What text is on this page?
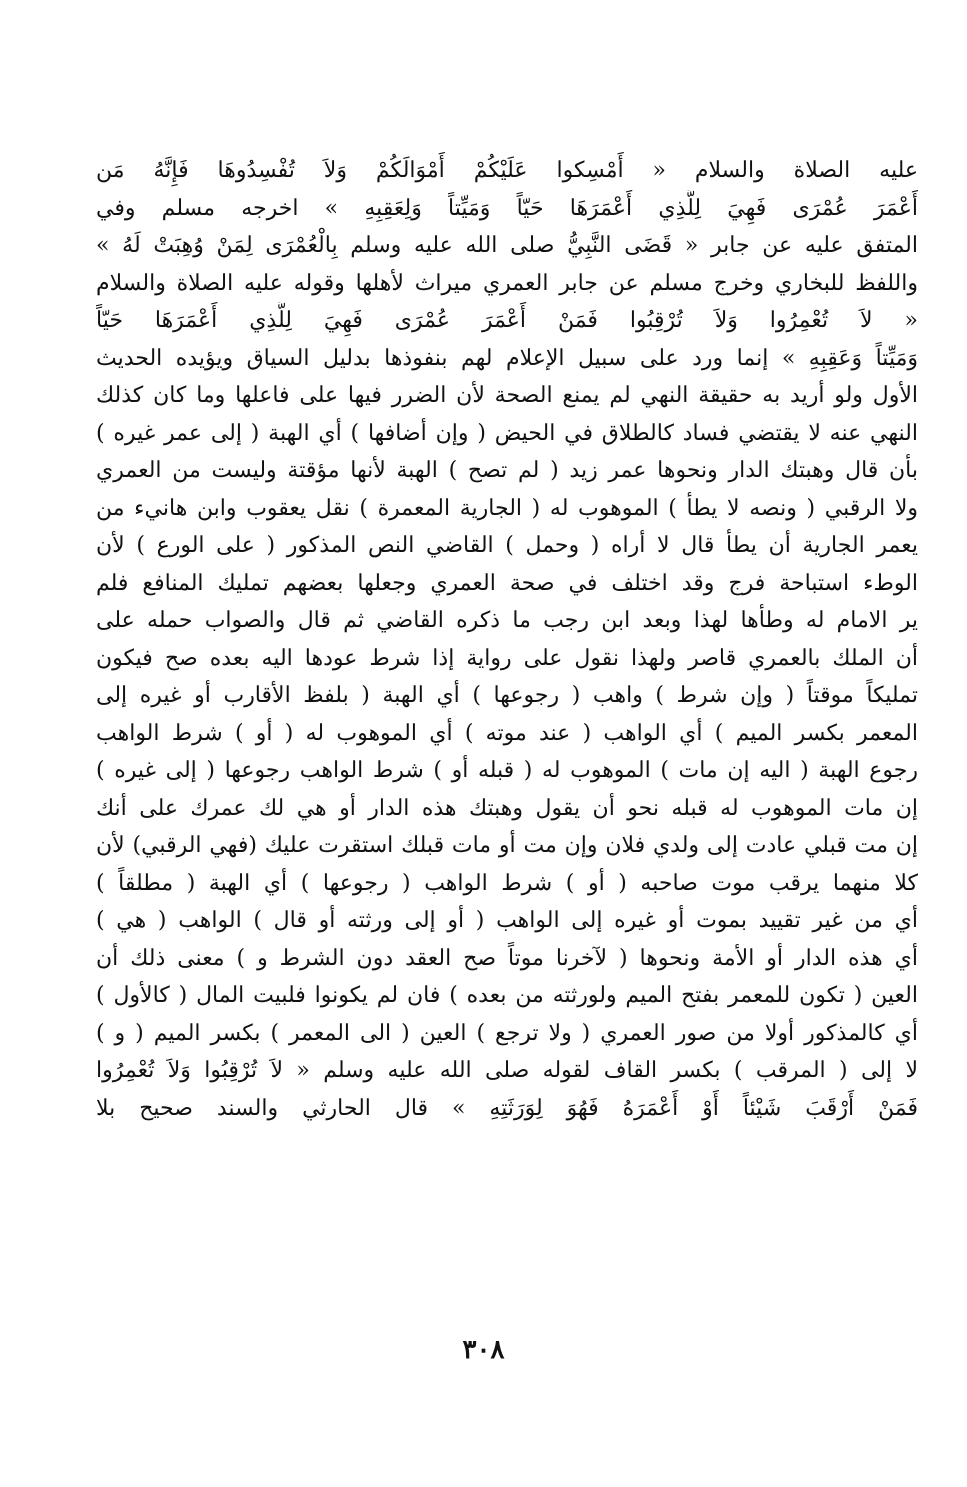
عليه الصلاة والسلام « أَمْسِكوا عَلَيْكُمْ أَمْوَالَكُمْ وَلاَ تُفْسِدُوهَا فَإِنَّهُ مَن
أَعْمَرَ عُمْرَى فَهِيَ لِلَّذِي أَعْمَرَهَا حَيّاً وَمَيِّتاً وَلِعَقِبِهِ » اخرجه مسلم وفي
المتفق عليه عن جابر « قَضَى النَّبِيُّ صلى الله عليه وسلم بِالْعُمْرَى لِمَنْ وُهِبَتْ لَهُ »
واللفظ للبخاري وخرج مسلم عن جابر العمري ميراث لأهلها وقوله عليه الصلاة والسلام
« لاَ تُعْمِرُوا وَلاَ تُرْقِبُوا فَمَنْ أَعْمَرَ عُمْرَى فَهِيَ لِلَّذِي أَعْمَرَهَا حَيّاً
وَمَيِّتاً وَعَقِبِهِ » إنما ورد على سبيل الإعلام لهم بنفوذها بدليل السياق ويؤيده الحديث
الأول ولو أريد به حقيقة النهي لم يمنع الصحة لأن الضرر فيها على فاعلها وما كان كذلك
النهي عنه لا يقتضي فساد كالطلاق في الحيض ( وإن أضافها ) أي الهبة ( إلى عمر غيره )
بأن قال وهبتك الدار ونحوها عمر زيد ( لم تصح ) الهبة لأنها مؤقتة وليست من العمري
ولا الرقبي ( ونصه لا يطأ ) الموهوب له ( الجارية المعمرة ) نقل يعقوب وابن هانيء من
يعمر الجارية أن يطأ قال لا أراه ( وحمل ) القاضي النص المذكور ( على الورع ) لأن
الوطء استباحة فرج وقد اختلف في صحة العمري وجعلها بعضهم تمليك المنافع فلم
ير الامام له وطأها لهذا وبعد ابن رجب ما ذكره القاضي ثم قال والصواب حمله على
أن الملك بالعمري قاصر ولهذا نقول على رواية إذا شرط عودها اليه بعده صح فيكون
تمليكاً موقتاً ( وإن شرط ) واهب ( رجوعها ) أي الهبة ( بلفظ الأقارب أو غيره إلى
المعمر بكسر الميم ) أي الواهب ( عند موته ) أي الموهوب له ( أو ) شرط الواهب
رجوع الهبة ( اليه إن مات ) الموهوب له ( قبله أو ) شرط الواهب رجوعها ( إلى غيره )
إن مات الموهوب له قبله نحو أن يقول وهبتك هذه الدار أو هي لك عمرك على أنك
إن مت قبلي عادت إلى ولدي فلان وإن مت أو مات قبلك استقرت عليك (فهي الرقبي) لأن
كلا منهما يرقب موت صاحبه ( أو ) شرط الواهب ( رجوعها ) أي الهبة ( مطلقاً )
أي من غير تقييد بموت أو غيره إلى الواهب ( أو إلى ورثته أو قال ) الواهب ( هي )
أي هذه الدار أو الأمة ونحوها ( لآخرنا موتاً صح العقد دون الشرط و ) معنى ذلك أن
العين ( تكون للمعمر بفتح الميم ولورثته من بعده ) فان لم يكونوا فلبيت المال ( كالأول )
أي كالمذكور أولا من صور العمري ( ولا ترجع ) العين ( الى المعمر ) بكسر الميم ( و )
لا إلى ( المرقب ) بكسر القاف لقوله صلى الله عليه وسلم « لاَ تُرْقِبُوا وَلاَ تُعْمِرُوا
فَمَنْ أَرْقَبَ شَيْئاً أَوْ أَعْمَرَهُ فَهُوَ لِوَرَثَتِهِ » قال الحارثي والسند صحيح بلا
٣٠٨
